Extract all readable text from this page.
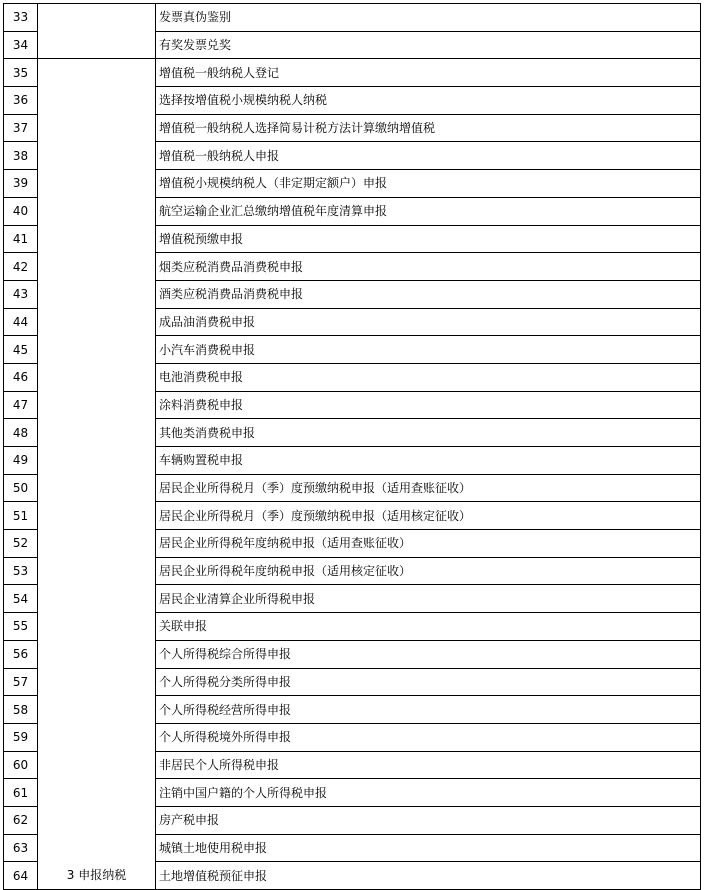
33		发票真伪鉴别
34		有奖发票兑奖
35	3 申报纳税	增值税一般纳税人登记
36		选择按增值税小规模纳税人纳税
37		增值税一般纳税人选择简易计税方法计算缴纳增值税
38		增值税一般纳税人申报
39		增值税小规模纳税人（非定期定额户）申报
40		航空运输企业汇总缴纳增值税年度清算申报
41		增值税预缴申报
42		烟类应税消费品消费税申报
43		酒类应税消费品消费税申报
44		成品油消费税申报
45		小汽车消费税申报
46		电池消费税申报
47		涂料消费税申报
48		其他类消费税申报
49		车辆购置税申报
50		居民企业所得税月（季）度预缴纳税申报（适用查账征收）
51		居民企业所得税月（季）度预缴纳税申报（适用核定征收）
52		居民企业所得税年度纳税申报（适用查账征收）
53		居民企业所得税年度纳税申报（适用核定征收）
54		居民企业清算企业所得税申报
55		关联申报
56		个人所得税综合所得申报
57		个人所得税分类所得申报
58		个人所得税经营所得申报
59		个人所得税境外所得申报
60		非居民个人所得税申报
61		注销中国户籍的个人所得税申报
62		房产税申报
63		城镇土地使用税申报
64		土地增值税预征申报
